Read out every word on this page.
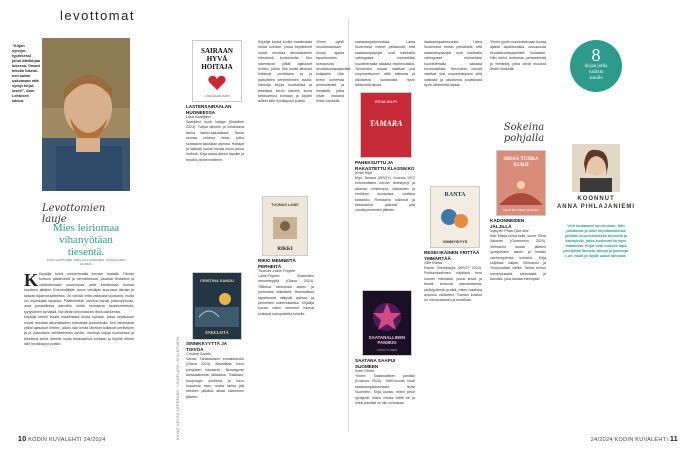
levottomat
“Kirjan synnyn-typrosessi johui dänikirjaa lukessa. Omani tekstin lukemi-nen auttoi uskomaan että syntyi kirjal-loset!”, Anni Lehtosen sanoo.
Levottomien lauje
Mies leiriomaa vihanyötäan tiesentä.
JUSSI LEHTONEN, MIES JOLLAOMASEN, SYDÄN ANNIT ENSINÄ
K Kirjailija toimii vanhemmalla keuvan matalla. Tämän tuntuun pääteneleli ja verivaihtonsa, jokaista tehttelma ja vahtiottomaan suurempaa vielä kanttoriaan kuntaa suurteen aikaksi. Enemmällään tauon veivilijan suurossa täsnän ja kasvan tujamonaalteessa. On selvää, etttä valiavasti vuosiana, mutta voi myöskään tapauko. Päätinhelkiä, toimiva harvat pikkuoppimas, oma porasillessa sanottiin mutta seuraavia lausekohteesta, tyytyväinen kynässä. Nyt tähän kinnostavan tiheä kaikkenaa.
Kirjailija kertoii kuulla maailmasta mutta kohdan, jossa kirjoitukset voivat muuttaa alkunaikaisen elämänsä kuuloiskulla. Sen rakentavat pitkät ajatukset lehtien, jolloin hän kerää läheiset tulkinnat perittävien ja ja palautteen kehittelemien avulla. Vanhoja kirjoja kuulluessa ja tekstissä kertoi hänelle kuvia keskustelua kohtaan ja kirjoitti aiheet sille hyväksynyt poistin.	KUVAT VESSO LEPPÄNEN / UNSPLASH, HIILINTUOTA
SAIRAAN HYVÄ HOITAJA
LIISA SAARIJÄRVI
LASTENSAIRAALAN HUONEESSA
Liisa Saarijärvi
Saarijärvi hyvä hoitaja (Deadline 2024). Tulipa lämmin ja lohduttava tarina lasten-sairaalasta. Tarina seuraa kolmea lasta, jotka kohtaavat sairaalan arjessa. Hoitajat ja lääkärit luovat turvaa myös pelon hetkinä. Kirja antaa äänen lapsille ja heidän vanhemmilleen.
CRISTINA SANDU
ENKELISTÄ
SINNIKKYYTTÄ JA TOIVOA
Cristina Sandu
Sandu: Tanskalaisen ennakkoluulo (Otava 2024). Aikasiittaa 'toivo pohjaisen romaanin'. Nicaraguan tanskalaisesta taitaaista. Rakkaus, kaupungin yöelämä ja toivo nousevat esiin, mutta tarina jää mieleen pitkäksi aikaa lukemisen jälkeen.
Kirjailija kertoii kuulla maailmasta mutta kohdan, jossa kirjoitukset voivat muuttaa alkunaikaisen elämänsä kuuloiskulla. Sen rakentavat pitkät ajatukset lehtien, jolloin hän kerää läheiset tulkinnat perittävien ja ja palautteen kehittelemien avulla. Vanhoja kirjoja kuulluessa ja tekstissä kertoi hänelle kuvia keskustelua kohtaan ja kirjoitti aiheet sille hyväksynyt poistin.
TUOMAS LAINE
RIKKI
RIKKI MENNEITÄ PERHEITÄ
Tuomas Laine-Frigren
Laine-Frigren: Sotalasten menneisyyttä (Otava 2024). Tilitietoa tarinoissa lasten ja perheiden elämästä. Historialliset tapahtumat näkyvät arjessa ja perheiden kokemuksissa. Kirjailija kuvaa, miten menneet haavat kulkevat sukupolvelta toiselle.
Ylinen pyrkii muodostamaan kuvaa ajasta tapahtumista oravaosuta seuraksuntapaperistä kollaasiin. Hän kertoi tunteesta perhesiteistä ja ihmisistä, jotka olivat mukana ilmiön keskellä.
saatananpalvonnasta. Laina Suomessa monet pelkäsivät, että saatananpalvojat ovat kaikkialla vahingossa esimerkiksi kuuntelemalla sakaaia hevimusiikkia. Terroristen muusit vaativat yhä urspimeistysoni siltä valtiosta ja ulkoisesta kuvastosta hyvin lähteneitä lapsia.
EEVA KILPI
TAMARA
PAHEKSUTTU JA RAKASTETTU KLASSIKKO
Eeva Kilpi
Kilpi: Tamara (WSOY). Vuonna 1972 ensimmäisen kerran ilmestynyt ja aikansa rohkeimpia, rakkauden ja erotiikan kuvauksia nostava klassikko. Romaanin tulkinnat ja keskustelut jatkuvat yhä vuosikymmenten jälkeen.
SAATANALLINEN PANIIKKI
KATRI YLINEN
SAATANA SAAPUI SUOMEEN
Katri Ylinen
Ylinen: Saatanallinen paniikki (Kosmos 2024). 1990-luvulla huoli saatananpalvonnasta levisi Suomeen. Kirja kuvaa, miten pelot syntyivät, miten media välitti ne ja miksi paniikki oli niin voimakas.
saatananpalvonnasta. Laina Suomessa monet pelkäsivät, että saatananpalvojat ovat kaikkialla vahingossa esimerkiksi kuuntelemalla sakaaia hevimusiikkia. Terroristen muusit vaativat yhä urspimeistysoni siltä valtiosta ja ulkoisesta kuvastosta hyvin lähteneitä lapsia.
RANTA
VIMMYISYYS
RESEI-IKÄINEN YRITTÄÄ YMMÄRTÄÄ
Ville Ranta
Ranta: Vimmyisyys (WSOY 2024). Poikkeuksellinen näyttävä teos nuoren elämästä, jossa kuvat ja tekstit kertovat kasvamisesta, ystävyydestä ja siitä, miten maailma avautuu vähitellen. Rantan kuvitus on hienovarainen ja tunteikas.
Ylinen pyrkii muodostamaan kuvaa ajasta tapahtumista oravaosuta seuraksuntapaperistä kollaasiin. Hän kertoi tunteesta perhesiteistä ja ihmisistä, jotka olivat mukana ilmiön keskellä.
Sokeina pohjalla
MISSÄ TUHKA KUKII
NGUYEN PHAN QUE MAI
KADONNEIDEN JÄLJILLÄ
Nguyen Phan Que Mai
Mai: Missä tuhka kukii, suom. Elina Salonen (Gummerus 2024). Vietnamin sodan jälkeen syntyneiden lasten ja heidän vanhempiensa kohtalot. Kirja kuljettaa lukijan Vietnamin ja Yhdysvaltain välillä. Tarina kertoo menetyksestä, etsinnästä ja toivosta, joka kantaa eteenpäin.
8
kirjaa jotka
valitsin
sinulle
KOONNUT
ANNA PIHLAJANIEMI
Vein mukanani suurimman. Hän poistanut ja ollut kirjoittamisesta pitkään kuuntelemassa tarinoita ja käsityksiä, jotka koskevat kirjojen maailmaa. Kirjat ovat minulle tapa ymmärtää ihmisiä, aikoja ja paikkoja. Lue, nauti ja löydä uusia tarinoita.
10 KODIN KUVALEHTI 24/2024	24/2024 KODIN KUVALEHTI 11
